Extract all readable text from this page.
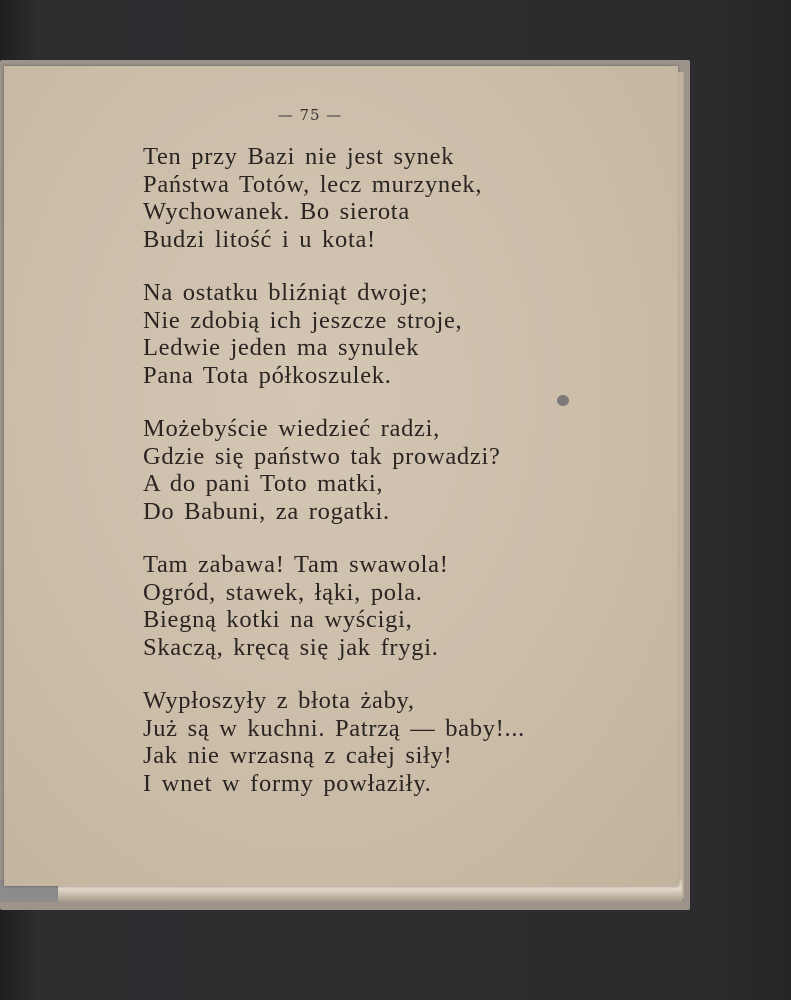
— 75 —
Ten przy Bazi nie jest synek
Państwa Totów, lecz murzynek,
Wychowanek. Bo sierota
Budzi litość i u kota!
Na ostatku bliźniąt dwoje;
Nie zdobią ich jeszcze stroje,
Ledwie jeden ma synulek
Pana Tota półkoszulek.
Możebyście wiedzieć radzi,
Gdzie się państwo tak prowadzi?
A do pani Toto matki,
Do Babuni, za rogatki.
Tam zabawa! Tam swawola!
Ogród, stawek, łąki, pola.
Biegną kotki na wyścigi,
Skaczą, kręcą się jak frygi.
Wypłoszyły z błota żaby,
Już są w kuchni. Patrzą — baby!...
Jak nie wrzasną z całej siły!
I wnet w formy powłaziły.
